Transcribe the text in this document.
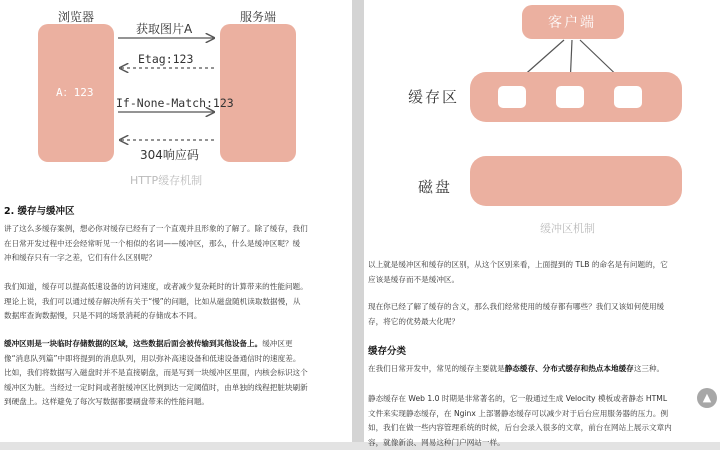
浏览器	服务端
A：123
获取图片A
Etag:123
If-None-Match:123
304响应码
HTTP缓存机制
2. 缓存与缓冲区
讲了这么多缓存案例，想必你对缓存已经有了一个直观并且形象的了解了。除了缓存，我们
在日常开发过程中还会经常听见一个相似的名词——缓冲区，那么，什么是缓冲区呢？缓
冲和缓存只有一字之差，它们有什么区别呢？
我们知道，缓存可以提高低速设备的访问速度，或者减少复杂耗时的计算带来的性能问题。
理论上说，我们可以通过缓存解决所有关于“慢”的问题，比如从磁盘随机读取数据慢，从
数据库查询数据慢，只是不同的场景消耗的存储成本不同。
缓冲区则是一块临时存储数据的区域，这些数据后面会被传输到其他设备上。缓冲区更
像“消息队列篇”中即将提到的消息队列，用以弥补高速设备和低速设备通信时的速度差。
比如，我们将数据写入磁盘时并不是直接刷盘，而是写到一块缓冲区里面，内核会标识这个
缓冲区为脏。当经过一定时间或者脏缓冲区比例到达一定阈值时，由单独的线程把脏块刷新
到硬盘上。这样避免了每次写数据都要刷盘带来的性能问题。
客户端
缓存区
磁盘
缓冲区机制
以上就是缓冲区和缓存的区别，从这个区别来看，上面提到的 TLB 的命名是有问题的，它
应该是缓存而不是缓冲区。
现在你已经了解了缓存的含义，那么我们经常使用的缓存都有哪些？我们又该如何使用缓
存，将它的优势最大化呢？
缓存分类
在我们日常开发中，常见的缓存主要就是静态缓存、分布式缓存和热点本地缓存这三种。
静态缓存在 Web 1.0 时期是非常著名的，它一般通过生成 Velocity 模板或者静态 HTML
文件来实现静态缓存，在 Nginx 上部署静态缓存可以减少对于后台应用服务器的压力。例
如，我们在做一些内容管理系统的时候，后台会录入很多的文章，前台在网站上展示文章内
容，就像新浪、网易这种门户网站一样。
▲
